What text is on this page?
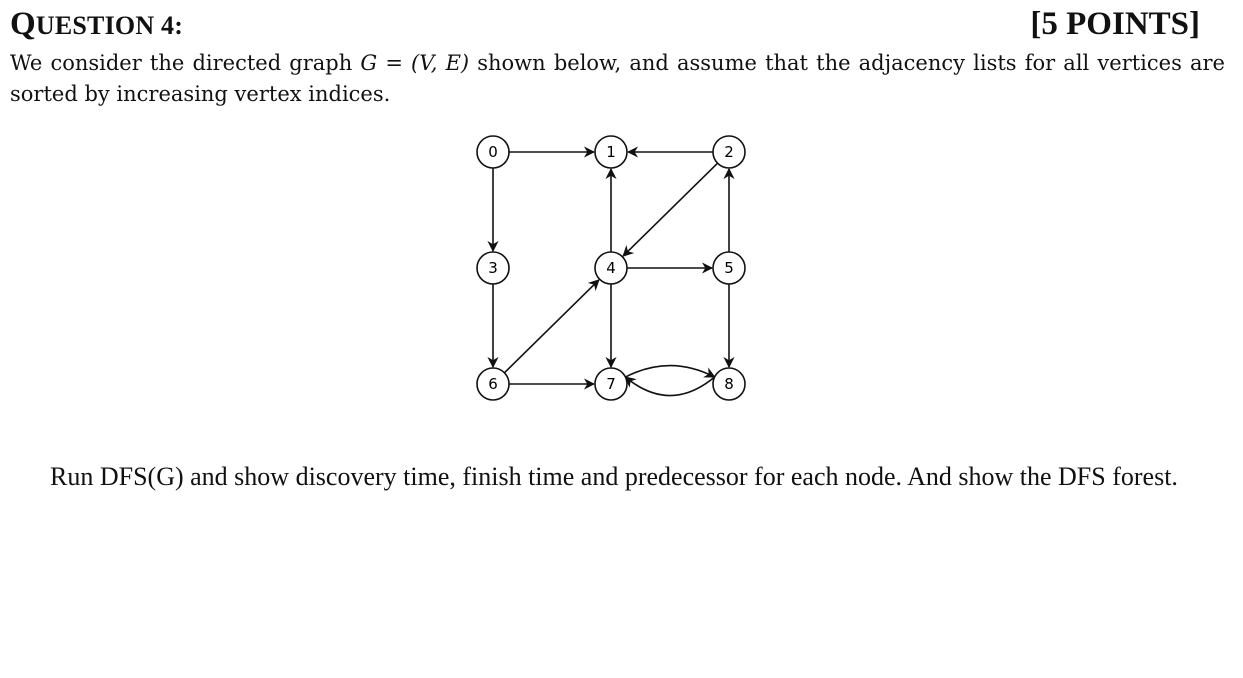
QUESTION 4:	[5 POINTS]
We consider the directed graph G = (V, E) shown below, and assume that the adjacency lists for all vertices are sorted by increasing vertex indices.
0	1	2
3	4	5
6	7	8
Run DFS(G) and show discovery time, finish time and predecessor for each node. And show the DFS forest.
